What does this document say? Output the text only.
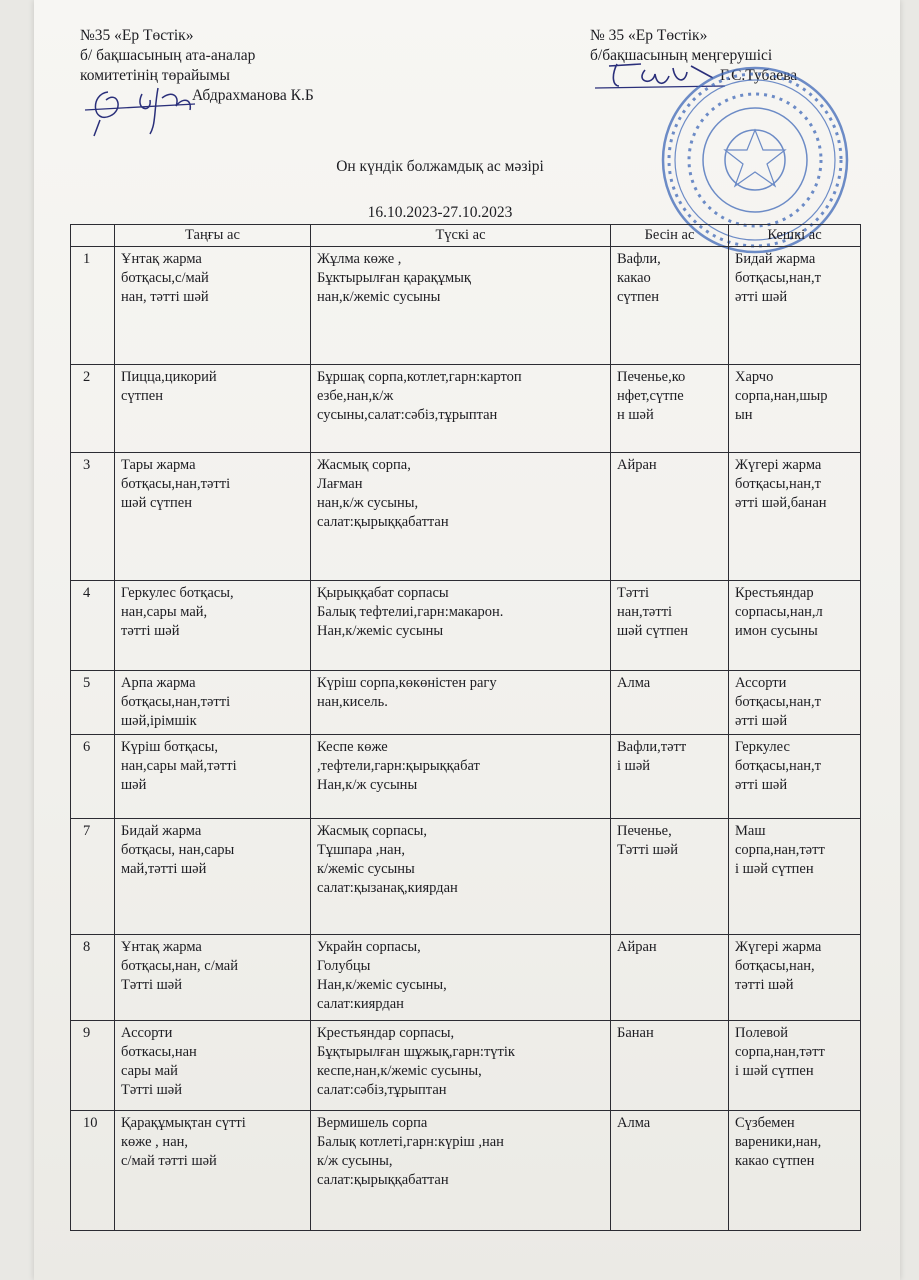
№35 «Ер Төстік»
б/ бақшасының ата-аналар
комитетінің төрайымы
Абдрахманова К.Б
№ 35 «Ер Төстік»
б/бақшасының меңгерушісі
Г.С.Тубаева
Он күндік болжамдық ас мәзірі
16.10.2023-27.10.2023
	Таңғы ас	Түскі ас	Бесін ас	Кешкі ас
1	Ұнтақ жарма
ботқасы,с/май
нан, тәтті шәй	Жұлма көже ,
Бұктырылған қарақұмық
нан,к/жеміс сусыны	Вафли,
какао
сүтпен	Бидай жарма
ботқасы,нан,т
әтті шәй

2	Пицца,цикорий
сүтпен	Бұршақ сорпа,котлет,гарн:картоп
езбе,нан,к/ж
сусыны,салат:сәбіз,тұрыптан	Печенье,ко
нфет,сүтпе
н шәй	Харчо
сорпа,нан,шыр
ын

3	Тары жарма
ботқасы,нан,тәтті
шәй сүтпен	Жасмық сорпа,
Лағман
нан,к/ж сусыны,
салат:қырыққабаттан	Айран	Жүгері жарма
ботқасы,нан,т
әтті шәй,банан

4	Геркулес ботқасы,
нан,сары май,
тәтті шәй	Қырыққабат сорпасы
Балық тефтелиі,гарн:макарон.
Нан,к/жеміс сусыны	Тәтті
нан,тәтті
шәй сүтпен	Крестьяндар
сорпасы,нан,л
имон сусыны

5	Арпа жарма
ботқасы,нан,тәтті
шәй,ірімшік	Күріш сорпа,көкөністен рагу
нан,кисель.	Алма	Ассорти
ботқасы,нан,т
әтті шәй

6	Күріш ботқасы,
нан,сары май,тәтті
шәй	Кеспе көже
,тефтели,гарн:қырыққабат
Нан,к/ж сусыны	Вафли,тәтт
і шәй	Геркулес
ботқасы,нан,т
әтті шәй

7	Бидай жарма
ботқасы, нан,сары
май,тәтті шәй	Жасмық сорпасы,
Тұшпара ,нан,
к/жеміс сусыны
салат:қызанақ,киярдан	Печенье,
Тәтті шәй	Маш
сорпа,нан,тәтт
і шәй сүтпен

8	Ұнтақ жарма
ботқасы,нан, с/май
Тәтті шәй	Украйн сорпасы,
Голубцы
Нан,к/жеміс сусыны,
салат:киярдан	Айран	Жүгері жарма
ботқасы,нан,
тәтті шәй

9	Ассорти
боткасы,нан
сары май
Тәтті шәй	Крестьяндар сорпасы,
Бұқтырылған шұжық,гарн:түтік
кеспе,нан,к/жеміс сусыны,
салат:сәбіз,тұрыптан	Банан	Полевой
сорпа,нан,тәтт
і шәй сүтпен

10	Қарақұмықтан сүтті
көже , нан,
с/май тәтті шәй	Вермишель сорпа
Балық котлеті,гарн:күріш ,нан
к/ж сусыны,
салат:қырыққабаттан	Алма	Сүзбемен
вареники,нан,
какао сүтпен
